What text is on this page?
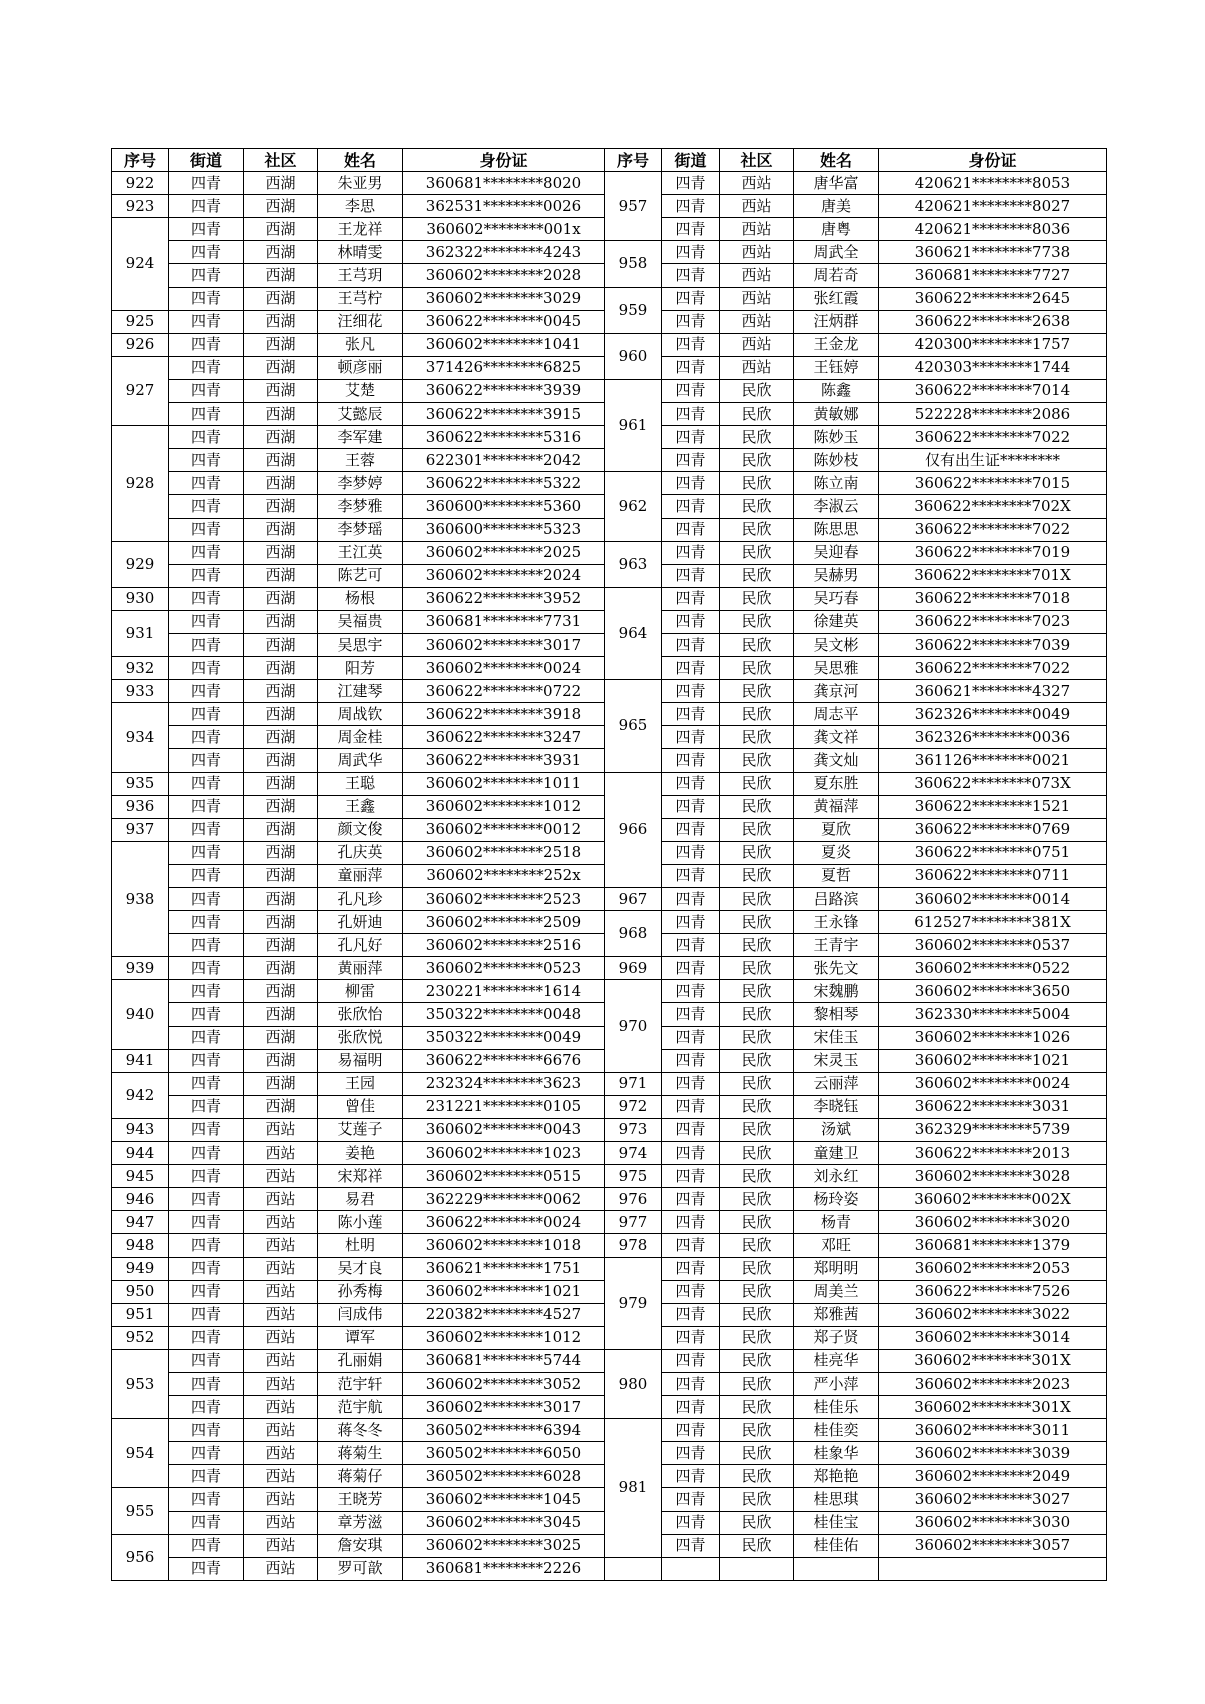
序号	街道	社区	姓名	身份证	序号	街道	社区	姓名	身份证
922	四青	西湖	朱亚男	360681********8020	957	四青	西站	唐华富	420621********8053
923	四青	西湖	李思	362531********0026		四青	西站	唐美	420621********8027
924	四青	西湖	王龙祥	360602********001x		四青	西站	唐粤	420621********8036
	四青	西湖	林晴雯	362322********4243	958	四青	西站	周武全	360621********7738
	四青	西湖	王芎玥	360602********2028		四青	西站	周若奇	360681********7727
	四青	西湖	王芎柠	360602********3029	959	四青	西站	张红霞	360622********2645
925	四青	西湖	汪细花	360622********0045		四青	西站	汪炳群	360622********2638
926	四青	西湖	张凡	360602********1041	960	四青	西站	王金龙	420300********1757
927	四青	西湖	顿彦丽	371426********6825		四青	西站	王钰婷	420303********1744
	四青	西湖	艾楚	360622********3939	961	四青	民欣	陈鑫	360622********7014
	四青	西湖	艾懿辰	360622********3915		四青	民欣	黄敏娜	522228********2086
928	四青	西湖	李军建	360622********5316		四青	民欣	陈妙玉	360622********7022
	四青	西湖	王蓉	622301********2042		四青	民欣	陈妙枝	仅有出生证********
	四青	西湖	李梦婷	360622********5322	962	四青	民欣	陈立南	360622********7015
	四青	西湖	李梦雅	360600********5360		四青	民欣	李淑云	360622********702X
	四青	西湖	李梦瑶	360600********5323		四青	民欣	陈思思	360622********7022
929	四青	西湖	王江英	360602********2025	963	四青	民欣	吴迎春	360622********7019
	四青	西湖	陈艺可	360602********2024		四青	民欣	吴赫男	360622********701X
930	四青	西湖	杨根	360622********3952	964	四青	民欣	吴巧春	360622********7018
931	四青	西湖	吴福贵	360681********7731		四青	民欣	徐建英	360622********7023
	四青	西湖	吴思宇	360602********3017		四青	民欣	吴文彬	360622********7039
932	四青	西湖	阳芳	360602********0024		四青	民欣	吴思雅	360622********7022
933	四青	西湖	江建琴	360622********0722	965	四青	民欣	龚京河	360621********4327
934	四青	西湖	周战钦	360622********3918		四青	民欣	周志平	362326********0049
	四青	西湖	周金桂	360622********3247		四青	民欣	龚文祥	362326********0036
	四青	西湖	周武华	360622********3931		四青	民欣	龚文灿	361126********0021
935	四青	西湖	王聪	360602********1011	966	四青	民欣	夏东胜	360622********073X
936	四青	西湖	王鑫	360602********1012		四青	民欣	黄福萍	360622********1521
937	四青	西湖	颜文俊	360602********0012		四青	民欣	夏欣	360622********0769
938	四青	西湖	孔庆英	360602********2518		四青	民欣	夏炎	360622********0751
	四青	西湖	童丽萍	360602********252x		四青	民欣	夏哲	360622********0711
	四青	西湖	孔凡珍	360602********2523	967	四青	民欣	吕路滨	360602********0014
	四青	西湖	孔妍迪	360602********2509	968	四青	民欣	王永锋	612527********381X
	四青	西湖	孔凡好	360602********2516		四青	民欣	王青宇	360602********0537
939	四青	西湖	黄丽萍	360602********0523	969	四青	民欣	张先文	360602********0522
940	四青	西湖	柳雷	230221********1614	970	四青	民欣	宋魏鹏	360602********3650
	四青	西湖	张欣怡	350322********0048		四青	民欣	黎相琴	362330********5004
	四青	西湖	张欣悦	350322********0049		四青	民欣	宋佳玉	360602********1026
941	四青	西湖	易福明	360622********6676		四青	民欣	宋灵玉	360602********1021
942	四青	西湖	王园	232324********3623	971	四青	民欣	云丽萍	360602********0024
	四青	西湖	曾佳	231221********0105	972	四青	民欣	李晓钰	360622********3031
943	四青	西站	艾莲子	360602********0043	973	四青	民欣	汤斌	362329********5739
944	四青	西站	姜艳	360602********1023	974	四青	民欣	童建卫	360622********2013
945	四青	西站	宋郑祥	360602********0515	975	四青	民欣	刘永红	360602********3028
946	四青	西站	易君	362229********0062	976	四青	民欣	杨玲姿	360602********002X
947	四青	西站	陈小莲	360622********0024	977	四青	民欣	杨青	360602********3020
948	四青	西站	杜明	360602********1018	978	四青	民欣	邓旺	360681********1379
949	四青	西站	吴才良	360621********1751	979	四青	民欣	郑明明	360602********2053
950	四青	西站	孙秀梅	360602********1021		四青	民欣	周美兰	360622********7526
951	四青	西站	闫成伟	220382********4527		四青	民欣	郑雅茜	360602********3022
952	四青	西站	谭军	360602********1012		四青	民欣	郑子贤	360602********3014
953	四青	西站	孔丽娟	360681********5744	980	四青	民欣	桂亮华	360602********301X
	四青	西站	范宇轩	360602********3052		四青	民欣	严小萍	360602********2023
	四青	西站	范宇航	360602********3017		四青	民欣	桂佳乐	360602********301X
954	四青	西站	蒋冬冬	360502********6394	981	四青	民欣	桂佳奕	360602********3011
	四青	西站	蒋菊生	360502********6050		四青	民欣	桂象华	360602********3039
	四青	西站	蒋菊仔	360502********6028		四青	民欣	郑艳艳	360602********2049
955	四青	西站	王晓芳	360602********1045		四青	民欣	桂思琪	360602********3027
	四青	西站	章芳滋	360602********3045		四青	民欣	桂佳宝	360602********3030
956	四青	西站	詹安琪	360602********3025		四青	民欣	桂佳佑	360602********3057
	四青	西站	罗可歆	360681********2226					
